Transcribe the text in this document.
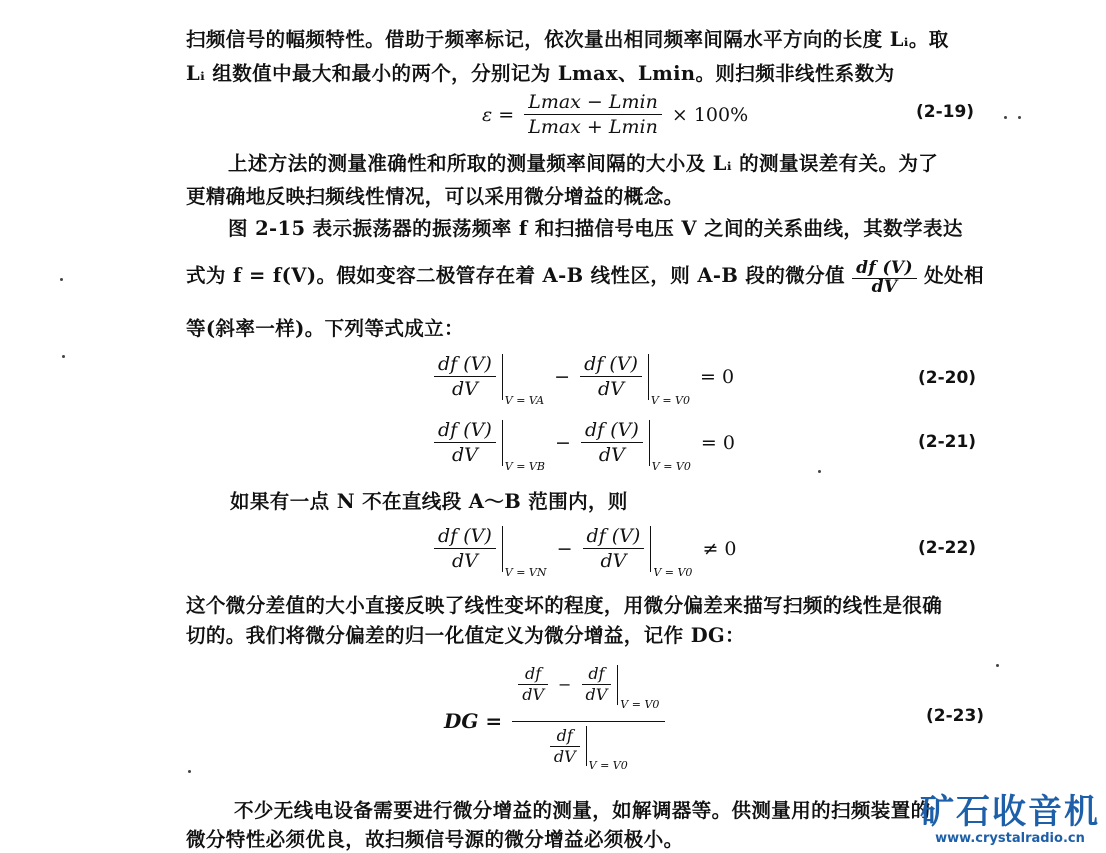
扫频信号的幅频特性。借助于频率标记，依次量出相同频率间隔水平方向的长度 Lᵢ。取
Lᵢ 组数值中最大和最小的两个，分别记为 Lmax、Lmin。则扫频非线性系数为
$\varepsilon = \frac{Lmax - Lmin}{Lmax + Lmin} \times 100\%$	(2-19)
上述方法的测量准确性和所取的测量频率间隔的大小及 Lᵢ 的测量误差有关。为了
更精确地反映扫频线性情况，可以采用微分增益的概念。
图 2-15 表示振荡器的振荡频率 f 和扫描信号电压 V 之间的关系曲线，其数学表达
式为 f = f(V)。假如变容二极管存在着 A-B 线性区，则 A-B 段的微分值 $\frac{df (V)}{dV}$ 处处相
等(斜率一样)。下列等式成立：
$\frac{df (V)}{dV}$ V = VA − $\frac{df (V)}{dV}$ V = V0 = 0	(2-20)
$\frac{df (V)}{dV}$ V = VB − $\frac{df (V)}{dV}$ V = V0 = 0	(2-21)
如果有一点 N 不在直线段 A～B 范围内，则
$\frac{df (V)}{dV}$ V = VN − $\frac{df (V)}{dV}$ V = V0 ≠ 0	(2-22)
这个微分差值的大小直接反映了线性变坏的程度，用微分偏差来描写扫频的线性是很确
切的。我们将微分偏差的归一化值定义为微分增益，记作 DG：
DG = $\frac{\frac{df}{dV} - \frac{df}{dV} V = V0}{\frac{df}{dV} V = V0}$	(2-23)
不少无线电设备需要进行微分增益的测量，如解调器等。供测量用的扫频装置的
微分特性必须优良，故扫频信号源的微分增益必须极小。
矿石收音机
www.crystalradio.cn
